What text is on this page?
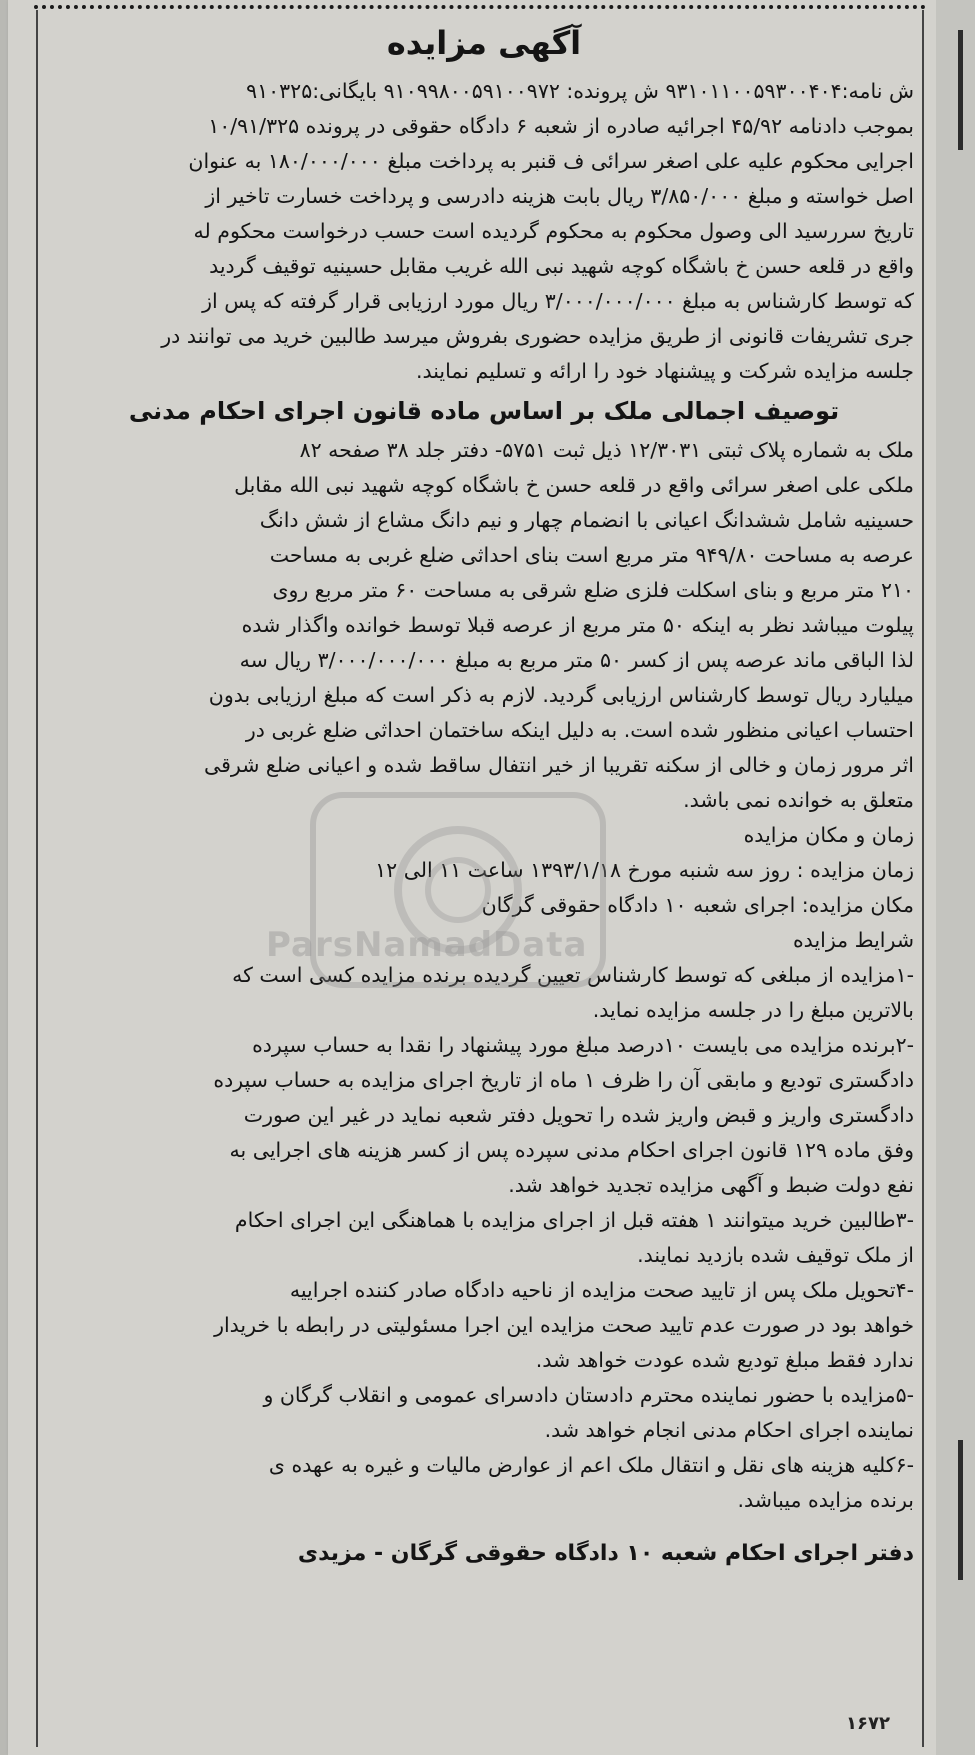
آگهی مزایده
ش نامه:۹۳۱۰۱۱۰۰۵۹۳۰۰۴۰۴ ش پرونده: ۹۱۰۹۹۸۰۰۵۹۱۰۰۹۷۲ بایگانی:۹۱۰۳۲۵
بموجب دادنامه ۴۵/۹۲ اجرائیه صادره از شعبه ۶ دادگاه حقوقی در پرونده ۱۰/۹۱/۳۲۵
اجرایی محکوم علیه علی اصغر سرائی ف قنبر به پرداخت مبلغ ۱۸۰/۰۰۰/۰۰۰ به عنوان
اصل خواسته و مبلغ ۳/۸۵۰/۰۰۰ ریال بابت هزینه دادرسی و پرداخت خسارت تاخیر از
تاریخ سررسید الی وصول محکوم به محکوم گردیده است حسب درخواست محکوم له
واقع در قلعه حسن خ باشگاه کوچه شهید نبی الله غریب مقابل حسینیه توقیف گردید
که توسط کارشناس به مبلغ ۳/۰۰۰/۰۰۰/۰۰۰ ریال مورد ارزیابی قرار گرفته که پس از
جری تشریفات قانونی از طریق مزایده حضوری بفروش میرسد طالبین خرید می توانند در
جلسه مزایده شرکت و پیشنهاد خود را ارائه و تسلیم نمایند.
توصیف اجمالی ملک بر اساس ماده قانون اجرای احکام مدنی
ملک به شماره پلاک ثبتی ۱۲/۳۰۳۱ ذیل ثبت ۵۷۵۱- دفتر جلد ۳۸ صفحه ۸۲
ملکی علی اصغر سرائی واقع در قلعه حسن خ باشگاه کوچه شهید نبی الله مقابل
حسینیه شامل ششدانگ اعیانی با انضمام چهار و نیم دانگ مشاع از شش دانگ
عرصه به مساحت ۹۴۹/۸۰ متر مربع است بنای احداثی ضلع غربی به مساحت
۲۱۰ متر مربع و بنای اسکلت فلزی ضلع شرقی به مساحت ۶۰ متر مربع روی
پیلوت میباشد نظر به اینکه ۵۰ متر مربع از عرصه قبلا توسط خوانده واگذار شده
لذا الباقی ماند عرصه پس از کسر ۵۰ متر مربع به مبلغ ۳/۰۰۰/۰۰۰/۰۰۰ ریال سه
میلیارد ریال توسط کارشناس ارزیابی گردید. لازم به ذکر است که مبلغ ارزیابی بدون
احتساب اعیانی منظور شده است. به دلیل اینکه ساختمان احداثی ضلع غربی در
اثر مرور زمان و خالی از سکنه تقریبا از خیر انتفال ساقط شده و اعیانی ضلع شرقی
متعلق به خوانده نمی باشد.
زمان و مکان مزایده
زمان مزایده : روز سه شنبه مورخ ۱۳۹۳/۱/۱۸ ساعت ۱۱ الی ۱۲
مکان مزایده: اجرای شعبه ۱۰ دادگاه حقوقی گرگان
شرایط مزایده
-۱مزایده از مبلغی که توسط کارشناس تعیین گردیده برنده مزایده کسی است که
بالاترین مبلغ را در جلسه مزایده نماید.
-۲برنده مزایده می بایست ۱۰درصد مبلغ مورد پیشنهاد را نقدا به حساب سپرده
دادگستری تودیع و مابقی آن را ظرف ۱ ماه از تاریخ اجرای مزایده به حساب سپرده
دادگستری واریز و قبض واریز شده را تحویل دفتر شعبه نماید در غیر این صورت
وفق ماده ۱۲۹ قانون اجرای احکام مدنی سپرده پس از کسر هزینه های اجرایی به
نفع دولت ضبط و آگهی مزایده تجدید خواهد شد.
-۳طالبین خرید میتوانند ۱ هفته قبل از اجرای مزایده با هماهنگی این اجرای احکام
از ملک توقیف شده بازدید نمایند.
-۴تحویل ملک پس از تایید صحت مزایده از ناحیه دادگاه صادر کننده اجراییه
خواهد بود در صورت عدم تایید صحت مزایده این اجرا مسئولیتی در رابطه با خریدار
ندارد فقط مبلغ تودیع شده عودت خواهد شد.
-۵مزایده با حضور نماینده محترم دادستان دادسرای عمومی و انقلاب گرگان و
نماینده اجرای احکام مدنی انجام خواهد شد.
-۶کلیه هزینه های نقل و انتقال ملک اعم از عوارض مالیات و غیره به عهده ی
برنده مزایده میباشد.
دفتر اجرای احکام شعبه ۱۰ دادگاه حقوقی گرگان - مزیدی
۱۶۷۲
ParsNamadData
